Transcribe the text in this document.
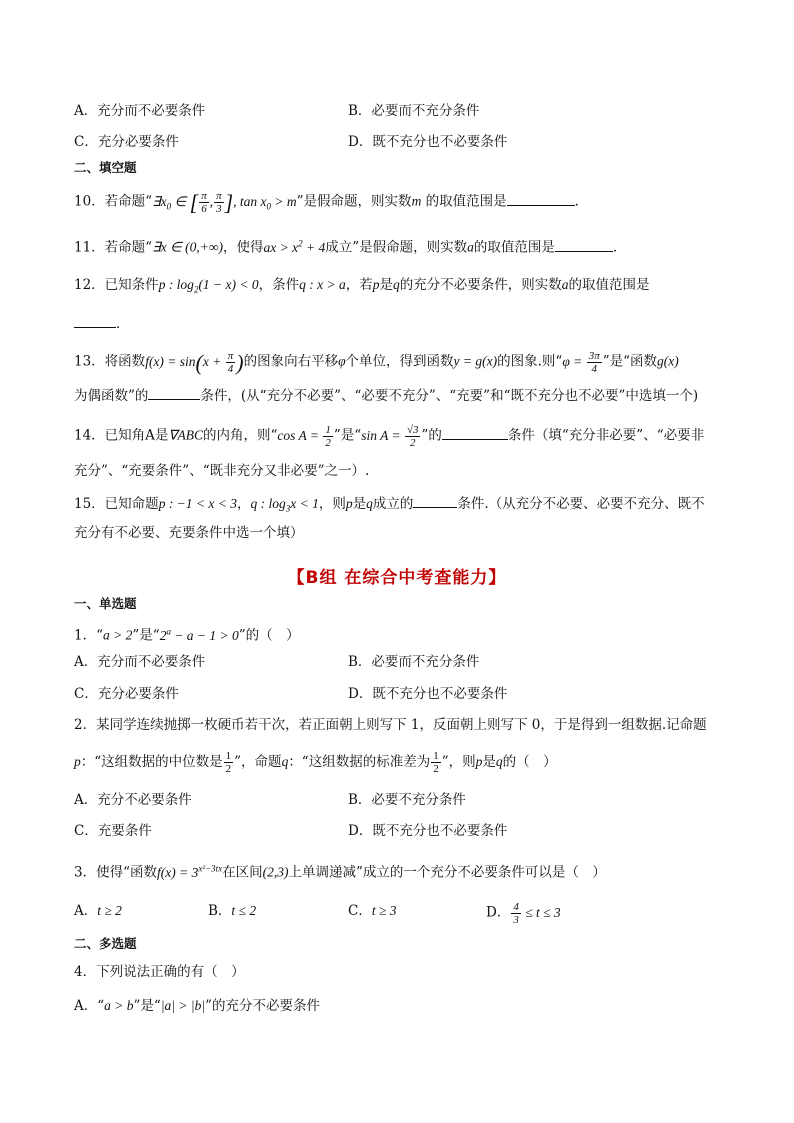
A．充分而不必要条件	B．必要而不充分条件
C．充分必要条件	D．既不充分也不必要条件
二、填空题
10．若命题“$\exists x_0$ ∈ [ $\frac{\pi}{6}$ , $\frac{\pi}{3}$ ], $\tan x_0 > m$”是假命题，则实数m 的取值范围是	．
11．若命题“∃x ∈ (0,+∞)，使得ax > $x^2 + 4$成立”是假命题，则实数a的取值范围是	.
12．已知条件p : $\log_2(1 - x) < 0$，条件q : x > a，若p是q的充分不必要条件，则实数a的取值范围是
．
13．将函数$f(x) = \sin(x + \frac{\pi}{4}$ )的图象向右平移φ个单位，得到函数y = g(x)的图象.则“$\varphi = \frac{3\pi}{4}$ ”是“函数g(x)
为偶函数”的	条件，(从“充分不必要”、“必要不充分”、“充要”和“既不充分也不必要”中选填一个)
14．已知角A是∇ABC的内角，则“cos $A = \frac{1}{2}$ ”是“sin $A = \frac{√3}{2}$ ”的	条件（填“充分非必要”、“必要非
充分”、“充要条件”、“既非充分又非必要”之一）.
15．已知命题p : −1 < x < 3，q : $\log_3x < 1$，则p是q成立的	条件.（从充分不必要、必要不充分、既不
充分有不必要、充要条件中选一个填）
【B组 在综合中考查能力】
一、单选题
1．“a > 2”是“$2^a - a - 1 > 0$”的（　）
A．充分而不必要条件	B．必要而不充分条件
C．充分必要条件	D．既不充分也不必要条件
2．某同学连续抛掷一枚硬币若干次，若正面朝上则写下 1，反面朝上则写下 0，于是得到一组数据.记命题
p：“这组数据的中位数是 $\frac{1}{2}$ ”，命题q：“这组数据的标准差为 $\frac{1}{2}$ ”，则p是q的（　）
A．充分不必要条件	B．必要不充分条件
C．充要条件	D．既不充分也不必要条件
3．使得“函数$f(x) = 3^{x^2-3tx}$在区间(2,3)上单调递减”成立的一个充分不必要条件可以是（　）
A．t ≥ 2	B．t ≤ 2	C．t ≥ 3	D． $\frac{4}{3} \le t \le 3$
二、多选题
4．下列说法正确的有（　）
A．“a > b”是“|a| > |b|”的充分不必要条件
